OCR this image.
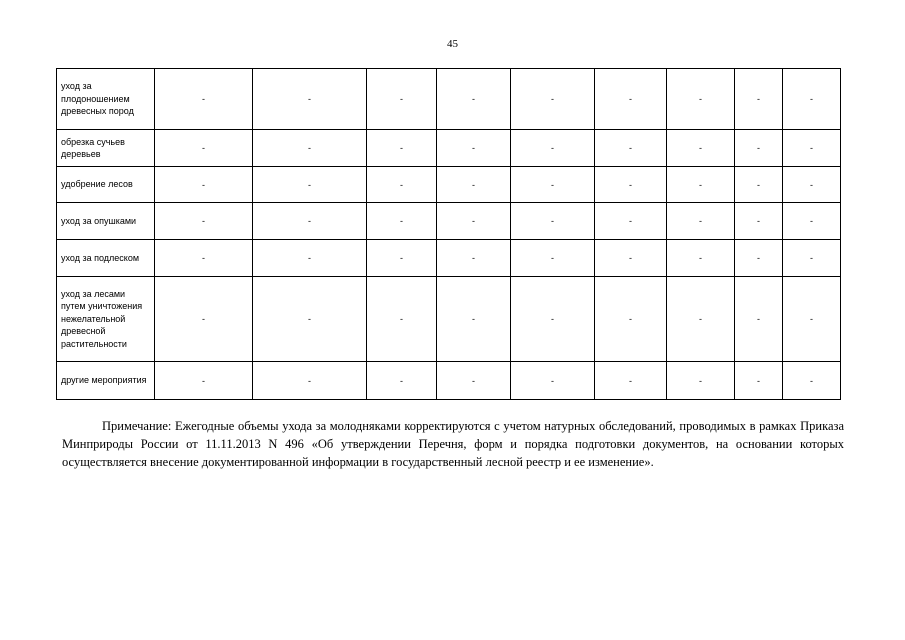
45
уход за плодоношением древесных пород	-	-	-	-	-	-	-	-	-
обрезка сучьев деревьев	-	-	-	-	-	-	-	-	-
удобрение лесов	-	-	-	-	-	-	-	-	-
уход за опушками	-	-	-	-	-	-	-	-	-
уход за подлеском	-	-	-	-	-	-	-	-	-
уход за лесами путем уничтожения нежелательной древесной растительности	-	-	-	-	-	-	-	-	-
другие мероприятия	-	-	-	-	-	-	-	-	-

Примечание: Ежегодные объемы ухода за молодняками корректируются с учетом натурных обследований, проводимых в рамках Приказа Минприроды России от 11.11.2013 N 496 «Об утверждении Перечня, форм и порядка подготовки документов, на основании которых осуществляется внесение документированной информации в государственный лесной реестр и ее изменение».
